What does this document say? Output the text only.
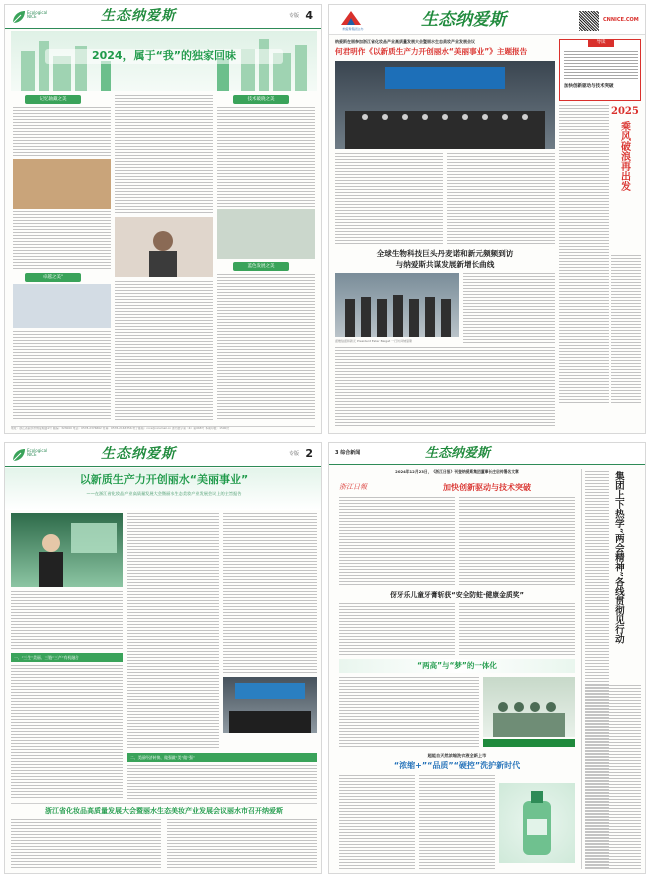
Ecological NICE	生态纳爱斯	专版 4
2024，属于“我”的独家回味
记忆轴藏之美
卓越之美“
技术破晓之美
蓝色发展之美
地址：浙江省丽水市纳爱斯路1号 邮编：323000 电话：0578-2376862 传真：0578-2163356 电子邮箱：nice@nicemail.cn 浙内准字第（K）第068号 本期印数：1500份
纳爱斯集团主办	生态纳爱斯	CNNICE.COM
纳爱斯在丽参加浙江省化妆品产业高质量发展大会暨丽水生态美妆产业发展会议
何君明作《以新质生产力开创丽水“美丽事业”》主题报告
导读
加快创新驱动与技术突破
2025
乘风破浪再出发
全球生物科技巨头丹麦诺和新元频频到访
与纳爱斯共谋发展新增长曲线
诺维信诺和新元 President Ester Baiget 一行访问纳爱斯
Ecological NICE	生态纳爱斯	专版 2
以新质生产力开创丽水“美丽事业”
——在浙江省化妆品产业高质量发展大会暨丽水生态美妆产业发展会议上的主旨报告
一、“三生”美丽、三链“三产”有机融合
二、美丽经济转换、做强做“美”做“强”
浙江省化妆品高质量发展大会暨丽水生态美妆产业发展会议丽水市召开纳爱斯
3 综合新闻	生态纳爱斯
2024年12月23日，《浙江日报》刊登纳爱斯集团董事长庄启传署名文章
浙江日報	加快创新驱动与技术突破
伢牙乐儿童牙膏斩获“安全防蛀·健康金质奖”
“两高”与“梦”的一体化
超能自天然浓缩洗衣液全新上市
“浓缩+”“品质”“硬控”洗护新时代
集团上下热学“两会精神”各线贯彻见行动
